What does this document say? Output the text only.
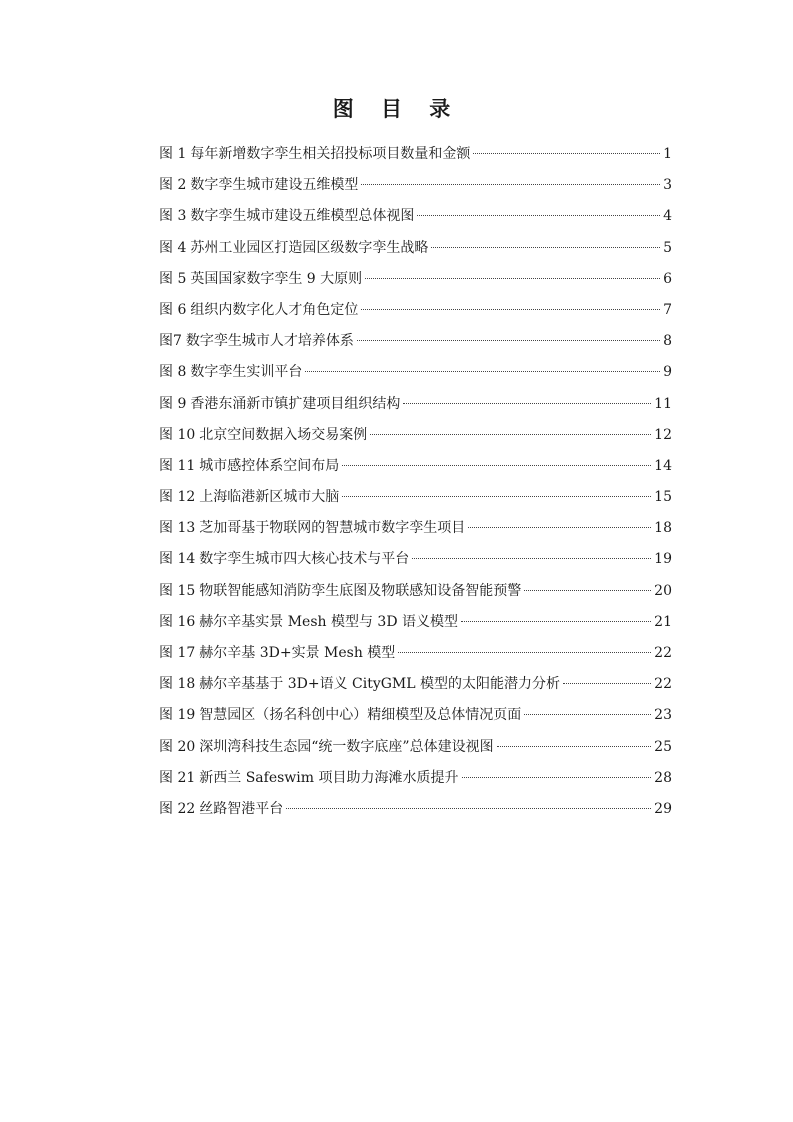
图 目 录
图 1 每年新增数字孪生相关招投标项目数量和金额	1
图 2 数字孪生城市建设五维模型	3
图 3 数字孪生城市建设五维模型总体视图	4
图 4 苏州工业园区打造园区级数字孪生战略	5
图 5 英国国家数字孪生 9 大原则	6
图 6 组织内数字化人才角色定位	7
图7 数字孪生城市人才培养体系	8
图 8 数字孪生实训平台	9
图 9 香港东涌新市镇扩建项目组织结构	11
图 10 北京空间数据入场交易案例	12
图 11 城市感控体系空间布局	14
图 12 上海临港新区城市大脑	15
图 13 芝加哥基于物联网的智慧城市数字孪生项目	18
图 14 数字孪生城市四大核心技术与平台	19
图 15 物联智能感知消防孪生底图及物联感知设备智能预警	20
图 16 赫尔辛基实景 Mesh 模型与 3D 语义模型	21
图 17 赫尔辛基 3D+实景 Mesh 模型	22
图 18 赫尔辛基基于 3D+语义 CityGML 模型的太阳能潜力分析	22
图 19 智慧园区（扬名科创中心）精细模型及总体情况页面	23
图 20 深圳湾科技生态园“统一数字底座”总体建设视图	25
图 21 新西兰 Safeswim 项目助力海滩水质提升	28
图 22 丝路智港平台	29
